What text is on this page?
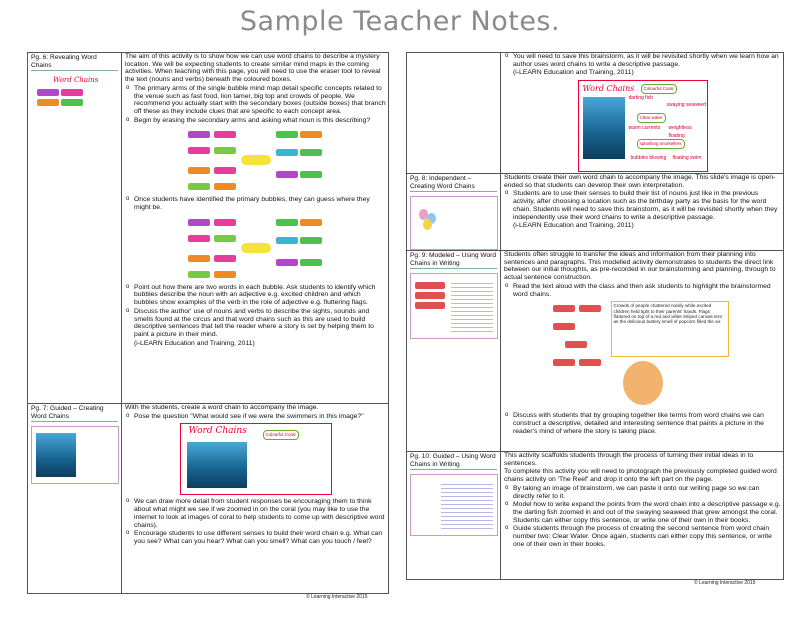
Sample Teacher Notes.
Pg. 6: Revealing Word Chains
Word Chains

The aim of this activity is to show how we can use word chains to describe a mystery location. We will be expecting students to create similar mind maps in the coming activities. When teaching with this page, you will need to use the eraser tool to reveal the text (nouns and verbs) beneath the coloured boxes.

o The primary arms of the single bubble mind map detail specific concepts related to the venue such as fast food, lion tamer, big top and crowds of people. We recommend you actually start with the secondary boxes (outside boxes) that branch off these as they include clues that are specific to each concept area.
o Begin by erasing the secondary arms and asking what noun is this describing?
o Once students have identified the primary bubbles, they can guess where they might be.
o Point out how there are two words in each bubble. Ask students to identify which bubbles describe the noun with an adjective e.g. excited children and which bubbles show examples of the verb in the role of adjective e.g. fluttering flags.
o Discuss the author' use of nouns and verbs to describe the sights, sounds and smells found at the circus and that word chains such as this are used to build descriptive sentences that tell the reader where a story is set by helping them to paint a picture in their mind.
(i-LEARN Education and Training, 2011)
Pg. 7: Guided – Creating Word Chains

With the students, create a word chain to accompany the image.

o Pose the question "What would see if we were the swimmers in this image?"
Word Chains	Colourful Coral
o We can draw more detail from student responses be encouraging them to think about what might we see if we zoomed in on the coral (you may like to use the internet to look at images of coral to help students to come up with descriptive word chains).
o Encourage students to use different senses to build their word chain e.g. What can you see? What can you hear? What can you smell? What can you touch / feel?
o You will need to save this brainstorm, as it will be revisited shortly when we learn how an author uses word chains to write a descriptive passage.
(i-LEARN Education and Training, 2011)
Word Chains	Colourful Coral
darting fish
swaying seaweed
Clear water
warm currents weightless floating
splashing snorkellers
bubbles blowing floating swim
Pg. 8: Independent – Creating Word Chains

Students create their own word chain to accompany the image. This slide's image is open-ended so that students can develop their own interpretation.

o Students are to use their senses to build their list of nouns just like in the previous activity, after choosing a location such as the birthday party as the basis for the word chain. Students will need to save this brainstorm, as it will be revisited shortly when they independently use their word chains to write a descriptive passage.
(i-LEARN Education and Training, 2011)
Pg. 9: Modeled – Using Word Chains in Writing

Students often struggle to transfer the ideas and information from their planning into sentences and paragraphs. This modelled activity demonstrates to students the direct link between our initial thoughts, as pre-recorded in our brainstorming and planning, through to actual sentence construction.

o Read the text aloud with the class and then ask students to highlight the brainstormed word chains.
Crowds of people chattered noisily while excited children held tight to their parents' hands. Flags fluttered on top of a red and white striped canvas tent as the delicious buttery smell of popcorn filled the air.
o Discuss with students that by grouping together like terms from word chains we can construct a descriptive, detailed and interesting sentence that paints a picture in the reader's mind of where the story is taking place.
Pg. 10: Guided – Using Word Chains in Writing

This activity scaffolds students through the process of turning their initial ideas in to sentences.

To complete this activity you will need to photograph the previously completed guided word chains activity on 'The Reef' and drop it onto the left part on the page.

o By taking an image of brainstorm, we can paste it onto our writing page so we can directly refer to it.
o Model how to write expand the points from the word chain into a descriptive passage e.g. the darting fish zoomed in and out of the swaying seaweed that grew amongst the coral. Students can either copy this sentence, or write one of their own in their books.
o Guide students through the process of creating the second sentence from word chain number two: Clear Water. Once again, students can either copy this sentence, or write one of their own in their books.
© Learning Interactive 2015
© Learning Interactive 2015
